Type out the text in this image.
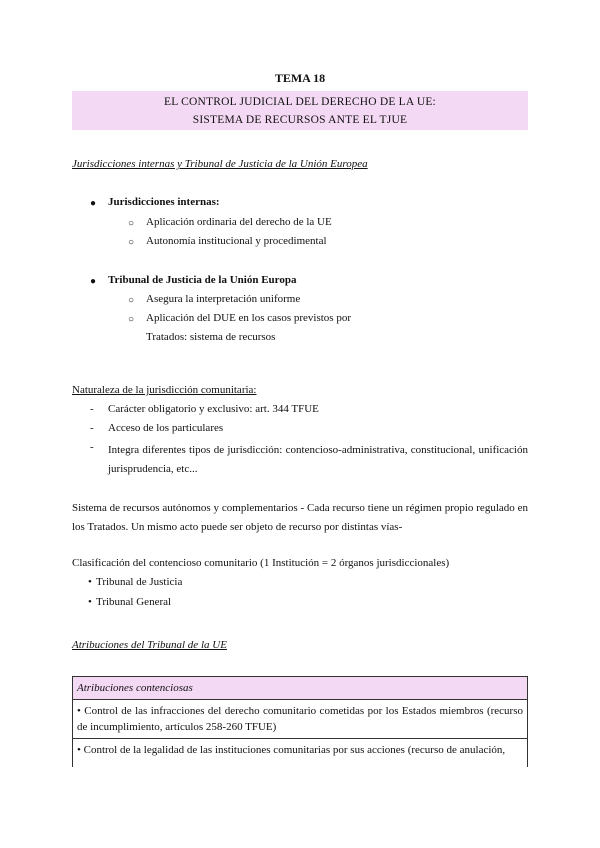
TEMA 18
EL CONTROL JUDICIAL DEL DERECHO DE LA UE:
SISTEMA DE RECURSOS ANTE EL TJUE
Jurisdicciones internas y Tribunal de Justicia de la Unión Europea
● Jurisdicciones internas:
○ Aplicación ordinaria del derecho de la UE
○ Autonomía institucional y procedimental
● Tribunal de Justicia de la Unión Europa
○ Asegura la interpretación uniforme
○ Aplicación del DUE en los casos previstos por
Tratados: sistema de recursos
Naturaleza de la jurisdicción comunitaria:
- Carácter obligatorio y exclusivo: art. 344 TFUE
- Acceso de los particulares
- Integra diferentes tipos de jurisdicción: contencioso-administrativa, constitucional, unificación jurisprudencia, etc...
Sistema de recursos autónomos y complementarios - Cada recurso tiene un régimen propio regulado en los Tratados. Un mismo acto puede ser objeto de recurso por distintas vías-
Clasificación del contencioso comunitario (1 Institución = 2 órganos jurisdiccionales)
• Tribunal de Justicia
• Tribunal General
Atribuciones del Tribunal de la UE
Atribuciones contenciosas
• Control de las infracciones del derecho comunitario cometidas por los Estados miembros (recurso de incumplimiento, artículos 258-260 TFUE)
• Control de la legalidad de las instituciones comunitarias por sus acciones (recurso de anulación,
